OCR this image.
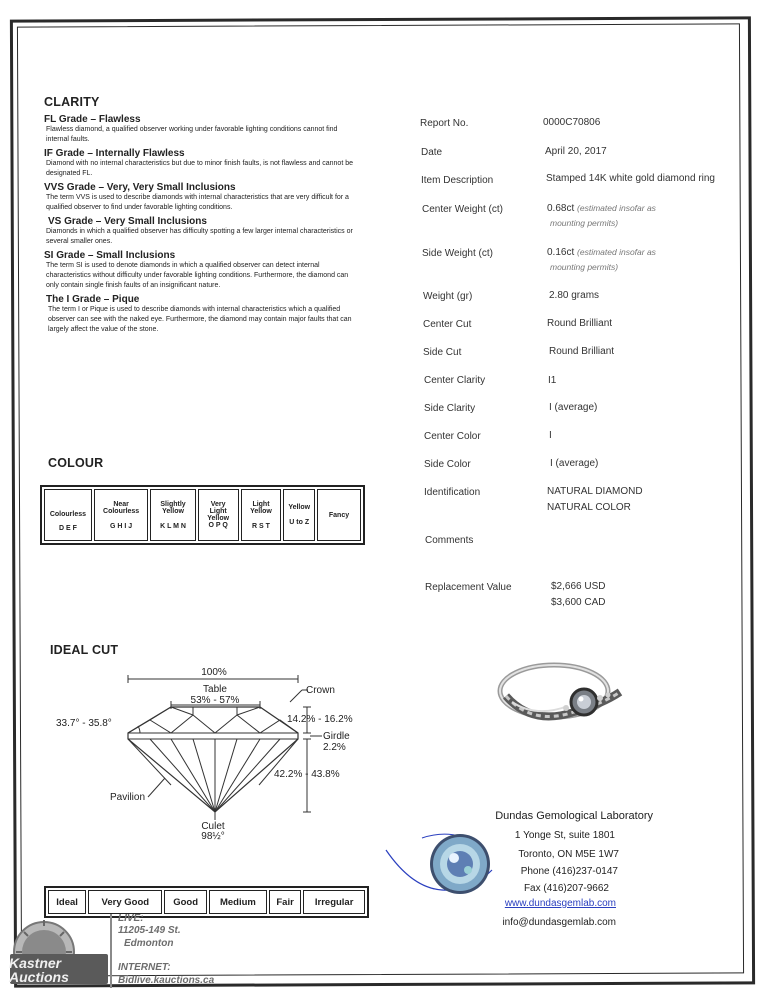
CLARITY
FL Grade – Flawless
Flawless diamond, a qualified observer working under favorable lighting conditions cannot find internal faults.
IF Grade – Internally Flawless
Diamond with no internal characteristics but due to minor finish faults, is not flawless and cannot be designated FL.
VVS Grade – Very, Very Small Inclusions
The term VVS is used to describe diamonds with internal characteristics that are very difficult for a qualified observer to find under favorable lighting conditions.
VS Grade – Very Small Inclusions
Diamonds in which a qualified observer has difficulty spotting a few larger internal characteristics or several smaller ones.
SI Grade – Small Inclusions
The term SI is used to denote diamonds in which a qualified observer can detect internal characteristics without difficulty under favorable lighting conditions. Furthermore, the diamond can only contain single finish faults of an insignificant nature.
The I Grade – Pique
The term I or Pique is used to describe diamonds with internal characteristics which a qualified observer can see with the naked eye. Furthermore, the diamond may contain major faults that can largely affect the value of the stone.
COLOUR
Colourless
D E F

Near Colourless
G H I J

Slightly Yellow
K L M N

Very Light Yellow
O P Q

Light Yellow
R S T

Yellow
U to Z

Fancy
IDEAL CUT
100%
Table
53% - 57%
Crown
33.7° - 35.8°	14.2% - 16.2%
Girdle
2.2%
42.2% - 43.8%
Pavilion
Culet
98½°
Ideal	Very Good	Good	Medium	Fair	Irregular
Report No.	0000C70806
Date	April 20, 2017
Item Description	Stamped 14K white gold diamond ring
Center Weight (ct)	0.68ct (estimated insofar as
mounting permits)
Side Weight (ct)	0.16ct (estimated insofar as
mounting permits)
Weight (gr)	2.80 grams
Center Cut	Round Brilliant
Side Cut	Round Brilliant
Center Clarity	I1
Side Clarity	I (average)
Center Color	I
Side Color	I (average)
Identification	NATURAL DIAMOND
NATURAL COLOR
Comments
Replacement Value	$2,666 USD
$3,600 CAD
Dundas Gemological Laboratory
1 Yonge St, suite 1801
Toronto, ON M5E 1W7
Phone (416)237-0147
Fax (416)207-9662
www.dundasgemlab.com
info@dundasgemlab.com
Kastner
Auctions
LIVE:
11205-149 St.
Edmonton
INTERNET:
Bidlive.kauctions.ca
